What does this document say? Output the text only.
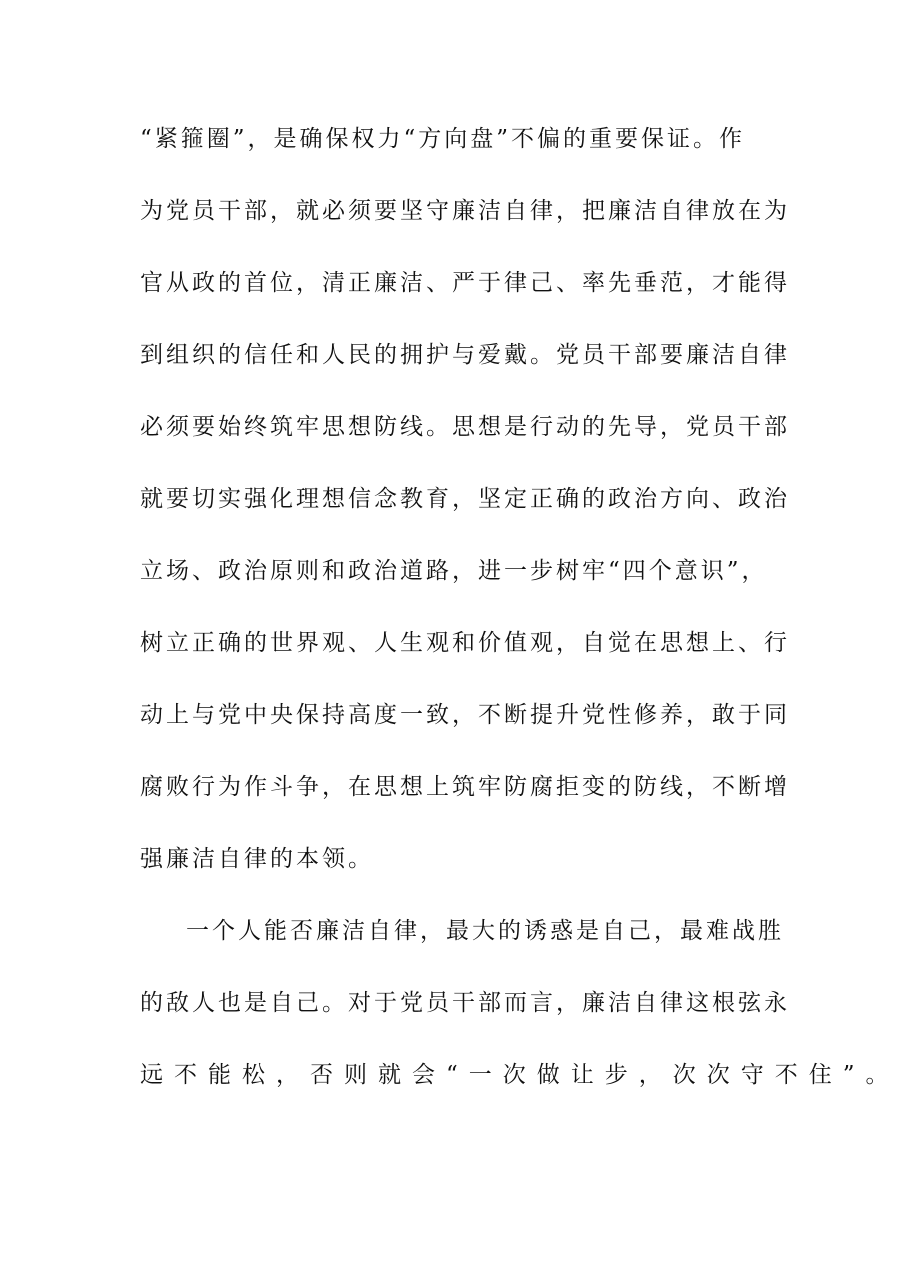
“紧箍圈”，是确保权力“方向盘”不偏的重要保证。作
为党员干部，就必须要坚守廉洁自律，把廉洁自律放在为
官从政的首位，清正廉洁、严于律己、率先垂范，才能得
到组织的信任和人民的拥护与爱戴。党员干部要廉洁自律
必须要始终筑牢思想防线。思想是行动的先导，党员干部
就要切实强化理想信念教育，坚定正确的政治方向、政治
立场、政治原则和政治道路，进一步树牢“四个意识”，
树立正确的世界观、人生观和价值观，自觉在思想上、行
动上与党中央保持高度一致，不断提升党性修养，敢于同
腐败行为作斗争，在思想上筑牢防腐拒变的防线，不断增
强廉洁自律的本领。
一个人能否廉洁自律，最大的诱惑是自己，最难战胜
的敌人也是自己。对于党员干部而言，廉洁自律这根弦永
远不能松，否则就会“一次做让步，次次守不住”。
